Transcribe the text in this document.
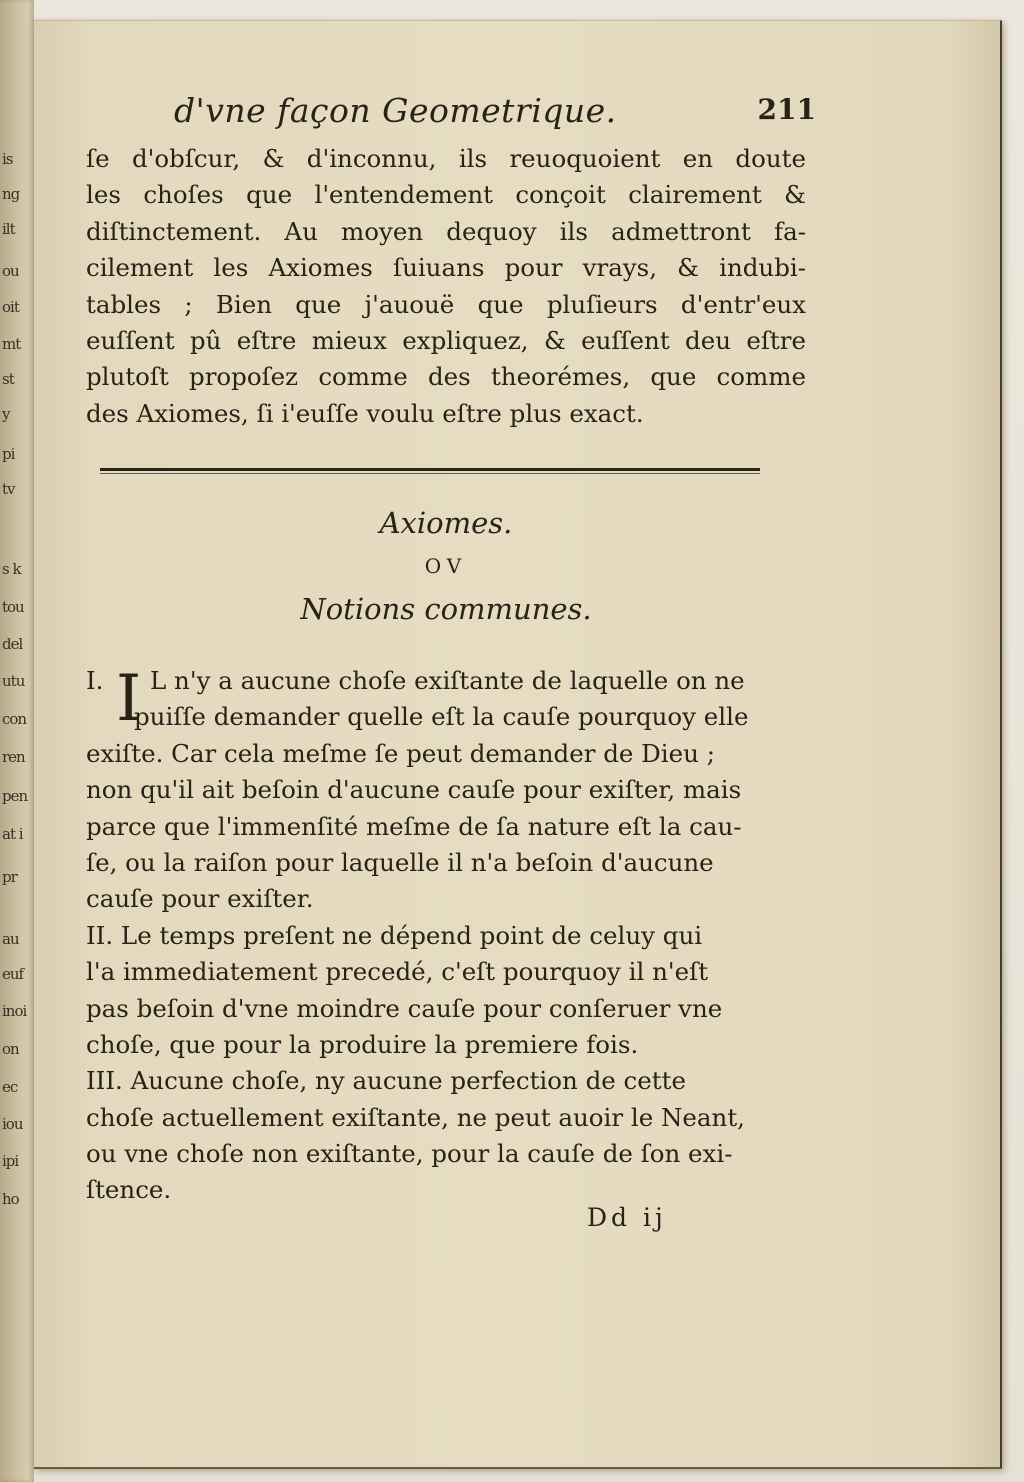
is
ng
ilt
ou
oit
mt
st
y
pi
tv
s k
tou
del
utu
con
ren
pen
at i
pr
au
euf
inoi
on
ec
iou
ipi
ho
d'vne façon Geometrique.	211
ſe d'obſcur, & d'inconnu, ils reuoquoient en doute
les choſes que l'entendement conçoit clairement &
diſtinctement. Au moyen dequoy ils admettront fa-
cilement les Axiomes ſuiuans pour vrays, & indubi-
tables ; Bien que j'auouë que pluſieurs d'entr'eux
euſſent pû eſtre mieux expliquez, & euſſent deu eſtre
plutoſt propoſez comme des theorémes, que comme
des Axiomes, ſi i'euſſe voulu eſtre plus exact.
Axiomes.
OV
Notions communes.
I. L n'y a aucune choſe exiſtante de laquelle on ne
I
puiſſe demander quelle eſt la cauſe pourquoy elle
exiſte. Car cela meſme ſe peut demander de Dieu ;
non qu'il ait beſoin d'aucune cauſe pour exiſter, mais
parce que l'immenſité meſme de ſa nature eſt la cau-
ſe, ou la raiſon pour laquelle il n'a beſoin d'aucune
cauſe pour exiſter.
II. Le temps preſent ne dépend point de celuy qui
l'a immediatement precedé, c'eſt pourquoy il n'eſt
pas beſoin d'vne moindre cauſe pour conſeruer vne
choſe, que pour la produire la premiere fois.
III. Aucune choſe, ny aucune perfection de cette
choſe actuellement exiſtante, ne peut auoir le Neant,
ou vne choſe non exiſtante, pour la cauſe de ſon exi-
ſtence.
Dd ij
